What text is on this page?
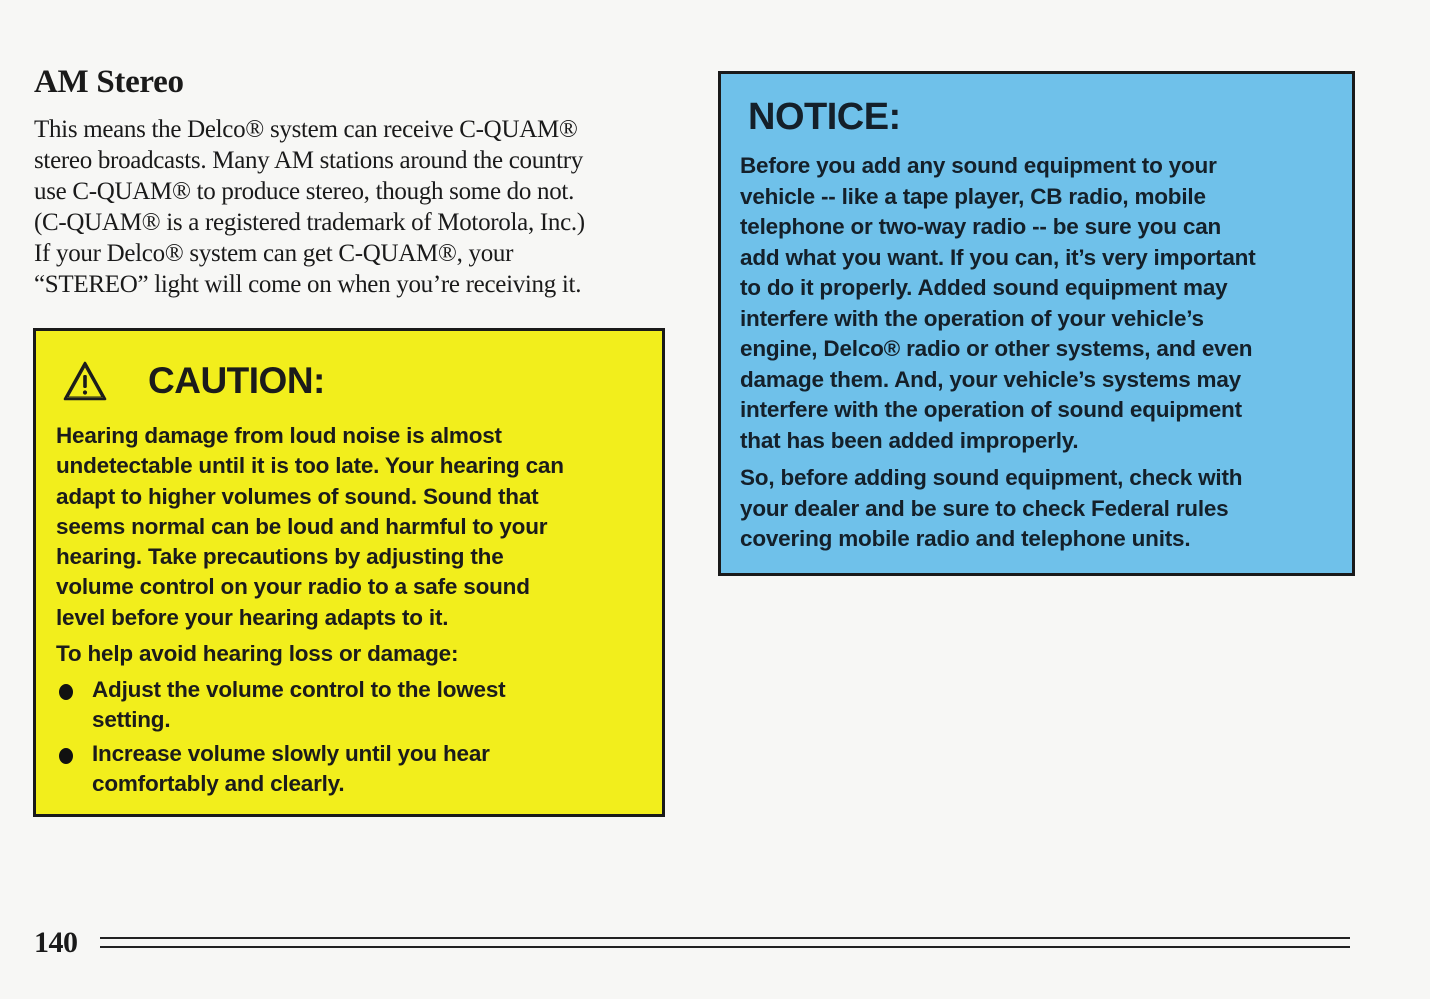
AM Stereo
This means the Delco® system can receive C-QUAM®
stereo broadcasts. Many AM stations around the country
use C-QUAM® to produce stereo, though some do not.
(C-QUAM® is a registered trademark of Motorola, Inc.)
If your Delco® system can get C-QUAM®, your
“STEREO” light will come on when you’re receiving it.
CAUTION:
Hearing damage from loud noise is almost
undetectable until it is too late. Your hearing can
adapt to higher volumes of sound. Sound that
seems normal can be loud and harmful to your
hearing. Take precautions by adjusting the
volume control on your radio to a safe sound
level before your hearing adapts to it.
To help avoid hearing loss or damage:
Adjust the volume control to the lowest
setting.
Increase volume slowly until you hear
comfortably and clearly.
NOTICE:
Before you add any sound equipment to your
vehicle -- like a tape player, CB radio, mobile
telephone or two-way radio -- be sure you can
add what you want. If you can, it’s very important
to do it properly. Added sound equipment may
interfere with the operation of your vehicle’s
engine, Delco® radio or other systems, and even
damage them. And, your vehicle’s systems may
interfere with the operation of sound equipment
that has been added improperly.
So, before adding sound equipment, check with
your dealer and be sure to check Federal rules
covering mobile radio and telephone units.
140
